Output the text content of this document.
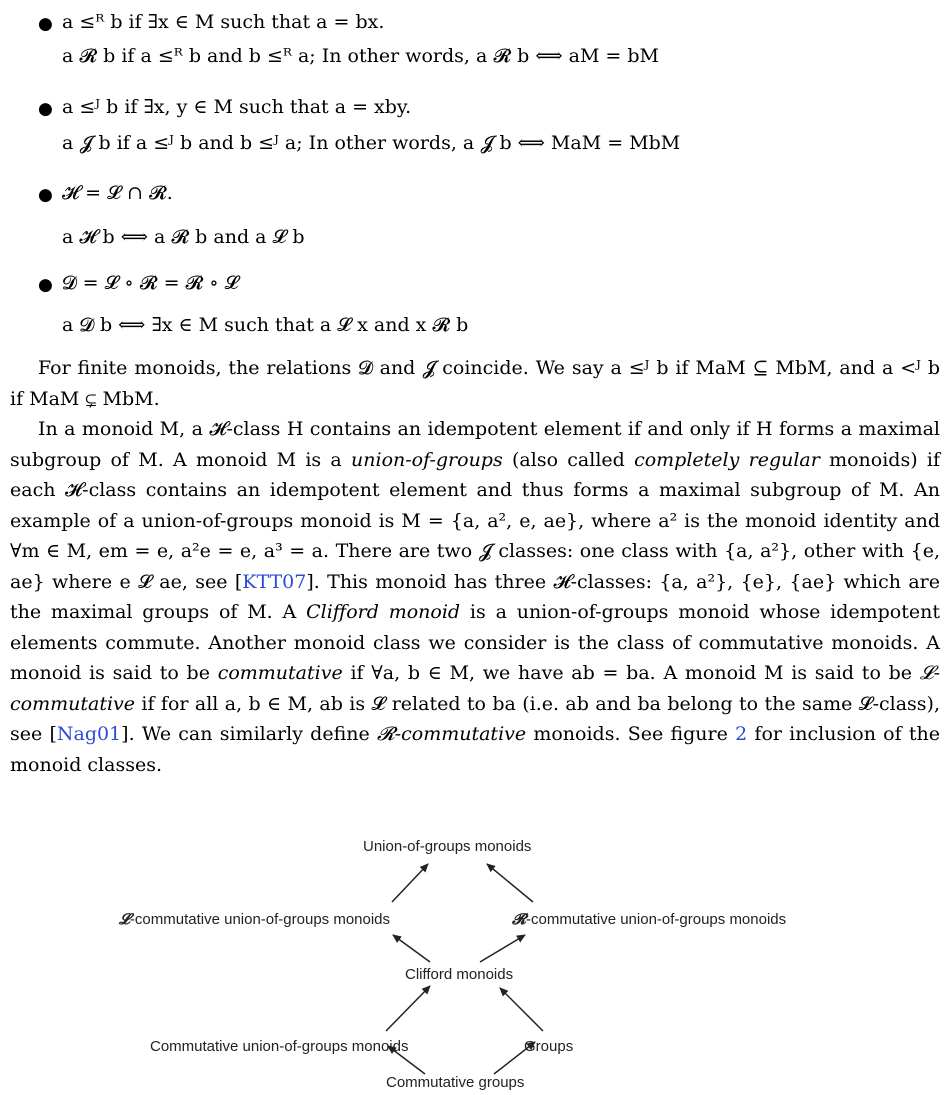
● a ≤ᴿ b if ∃x ∈ M such that a = bx.
a 𝓡 b if a ≤ᴿ b and b ≤ᴿ a; In other words, a 𝓡 b ⟺ aM = bM
● a ≤ᴶ b if ∃x, y ∈ M such that a = xby.
a 𝓙 b if a ≤ᴶ b and b ≤ᴶ a; In other words, a 𝓙 b ⟺ MaM = MbM
● 𝓗 = 𝓛 ∩ 𝓡.
a 𝓗 b ⟺ a 𝓡 b and a 𝓛 b
● 𝓓 = 𝓛 ∘ 𝓡 = 𝓡 ∘ 𝓛
a 𝓓 b ⟺ ∃x ∈ M such that a 𝓛 x and x 𝓡 b

For finite monoids, the relations 𝓓 and 𝓙 coincide. We say a ≤ᴶ b if MaM ⊆ MbM, and a <ᴶ b if MaM ⊊ MbM.

In a monoid M, a 𝓗-class H contains an idempotent element if and only if H forms a maximal subgroup of M. A monoid M is a union-of-groups (also called completely regular monoids) if each 𝓗-class contains an idempotent element and thus forms a maximal subgroup of M. An example of a union-of-groups monoid is M = {a, a², e, ae}, where a² is the monoid identity and ∀m ∈ M, em = e, a²e = e, a³ = a. There are two 𝓙 classes: one class with {a, a²}, other with {e, ae} where e 𝓛 ae, see [KTT07]. This monoid has three 𝓗-classes: {a, a²}, {e}, {ae} which are the maximal groups of M. A Clifford monoid is a union-of-groups monoid whose idempotent elements commute. Another monoid class we consider is the class of commutative monoids. A monoid is said to be commutative if ∀a, b ∈ M, we have ab = ba. A monoid M is said to be 𝓛-commutative if for all a, b ∈ M, ab is 𝓛 related to ba (i.e. ab and ba belong to the same 𝓛-class), see [Nag01]. We can similarly define 𝓡-commutative monoids. See figure 2 for inclusion of the monoid classes.

Union-of-groups monoids
𝓛-commutative union-of-groups monoids	𝓡-commutative union-of-groups monoids
Clifford monoids
Commutative union-of-groups monoids	Groups
Commutative groups
